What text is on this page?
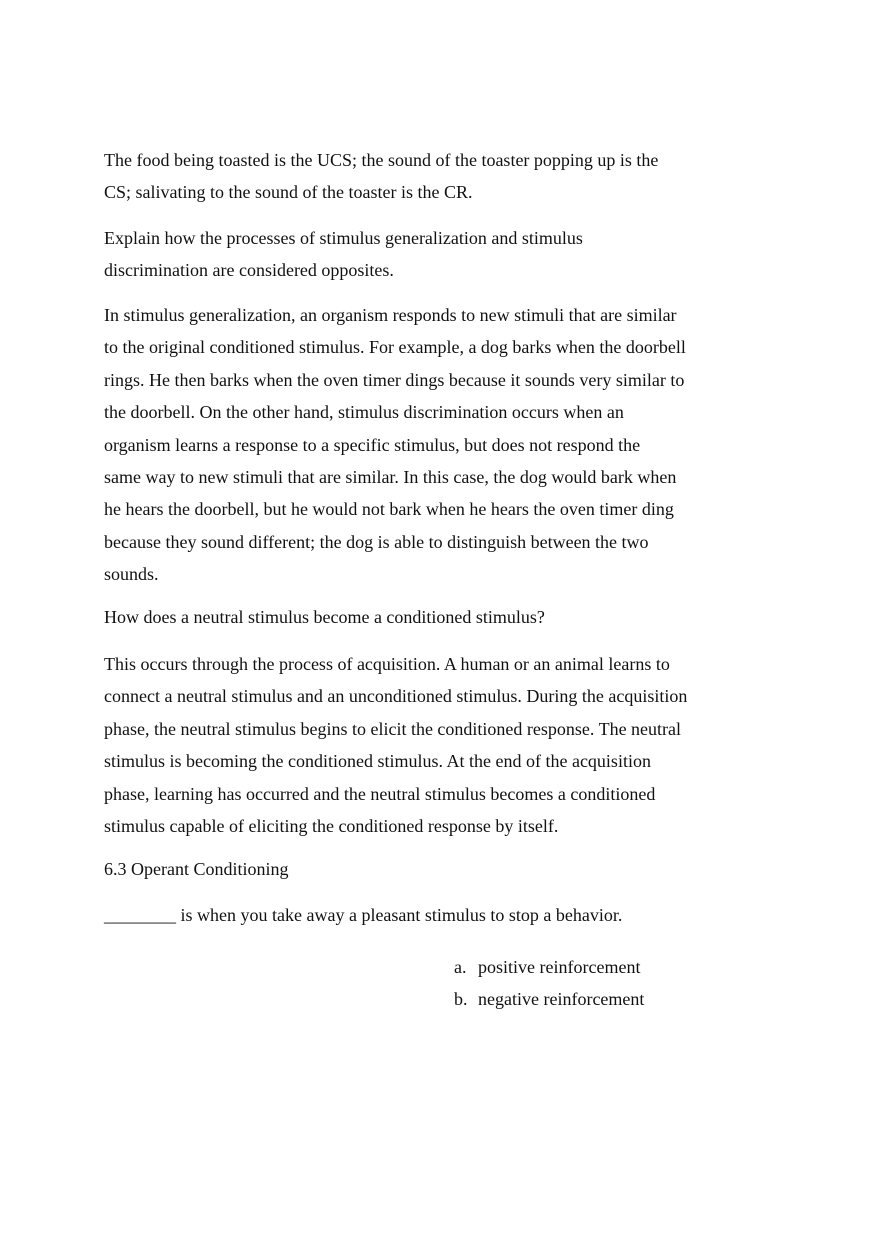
The food being toasted is the UCS; the sound of the toaster popping up is the
CS; salivating to the sound of the toaster is the CR.

Explain how the processes of stimulus generalization and stimulus
discrimination are considered opposites.

In stimulus generalization, an organism responds to new stimuli that are similar
to the original conditioned stimulus. For example, a dog barks when the doorbell
rings. He then barks when the oven timer dings because it sounds very similar to
the doorbell. On the other hand, stimulus discrimination occurs when an
organism learns a response to a specific stimulus, but does not respond the
same way to new stimuli that are similar. In this case, the dog would bark when
he hears the doorbell, but he would not bark when he hears the oven timer ding
because they sound different; the dog is able to distinguish between the two
sounds.

How does a neutral stimulus become a conditioned stimulus?

This occurs through the process of acquisition. A human or an animal learns to
connect a neutral stimulus and an unconditioned stimulus. During the acquisition
phase, the neutral stimulus begins to elicit the conditioned response. The neutral
stimulus is becoming the conditioned stimulus. At the end of the acquisition
phase, learning has occurred and the neutral stimulus becomes a conditioned
stimulus capable of eliciting the conditioned response by itself.

6.3 Operant Conditioning

________ is when you take away a pleasant stimulus to stop a behavior.

a. positive reinforcement
b. negative reinforcement
